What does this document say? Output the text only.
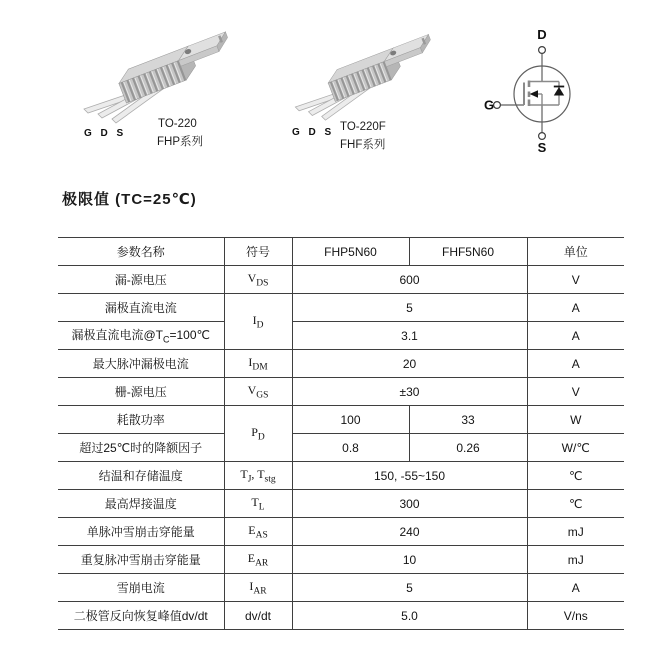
G D S
TO-220
FHP系列
G D S TO-220F
FHF系列
D
G
S
极限值 (TC=25℃)
参数名称	符号	FHP5N60	FHF5N60	单位
漏-源电压	$V_{DS}$	600		V
漏极直流电流	$I_D$	5		A
漏极直流电流$@T_C=100℃$		3.1		A
最大脉冲漏极电流	$I_{DM}$	20		A
栅-源电压	$V_{GS}$	±30		V
耗散功率	$P_D$	100	33	W
超过25℃时的降额因子		0.8	0.26	W/℃
结温和存储温度	$T_J$, $T_{stg}$	150, -55~150		℃
最高焊接温度	$T_L$	300		℃
单脉冲雪崩击穿能量	$E_{AS}$	240		mJ
重复脉冲雪崩击穿能量	$E_{AR}$	10		mJ
雪崩电流	$I_{AR}$	5		A
二极管反向恢复峰值dv/dt	dv/dt	5.0		V/ns
